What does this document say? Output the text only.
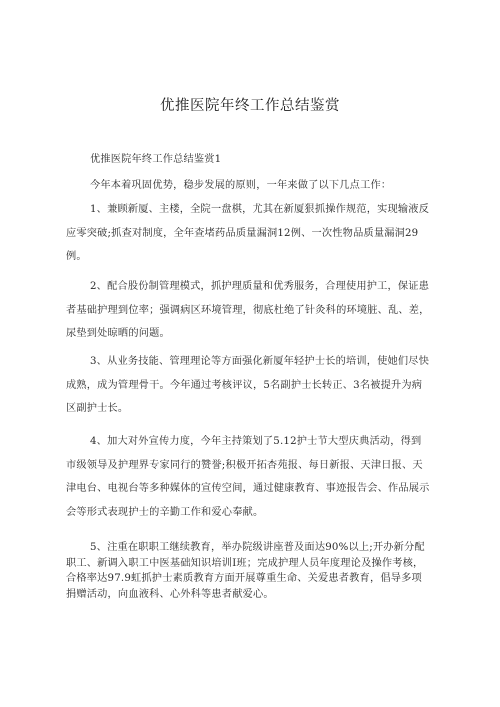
优推医院年终工作总结鉴赏
优推医院年终工作总结鉴赏1
今年本着巩固优势，稳步发展的原则，一年来做了以下几点工作：
1、兼顾新厦、主楼，全院一盘棋，尤其在新厦狠抓操作规范，实现输液反
应零突破;抓查对制度，全年查堵药品质量漏洞12例、一次性物品质量漏洞29
例。
2、配合股份制管理模式，抓护理质量和优秀服务，合理使用护工，保证患
者基础护理到位率；强调病区环境管理，彻底杜绝了针灸科的环境脏、乱、差，
尿垫到处晾晒的问题。
3、从业务技能、管理理论等方面强化新厦年轻护士长的培训，使她们尽快
成熟，成为管理骨干。今年通过考核评议，5名副护士长转正、3名被提升为病
区副护士长。
4、加大对外宣传力度，今年主持策划了5.12护士节大型庆典活动，得到
市级领导及护理界专家同行的赞誉;积极开拓杏苑报、每日新报、天津日报、天
津电台、电视台等多种媒体的宣传空间，通过健康教育、事迹报告会、作品展示
会等形式表现护士的辛勤工作和爱心奉献。
5、注重在职职工继续教育，举办院级讲座普及面达90%以上;开办新分配
职工、新调入职工中医基础知识培训Ⅰ班；完成护理人员年度理论及操作考核，
合格率达97.9虹抓护士素质教育方面开展尊重生命、关爱患者教育，倡导多项
捐赠活动，向血液科、心外科等患者献爱心。
